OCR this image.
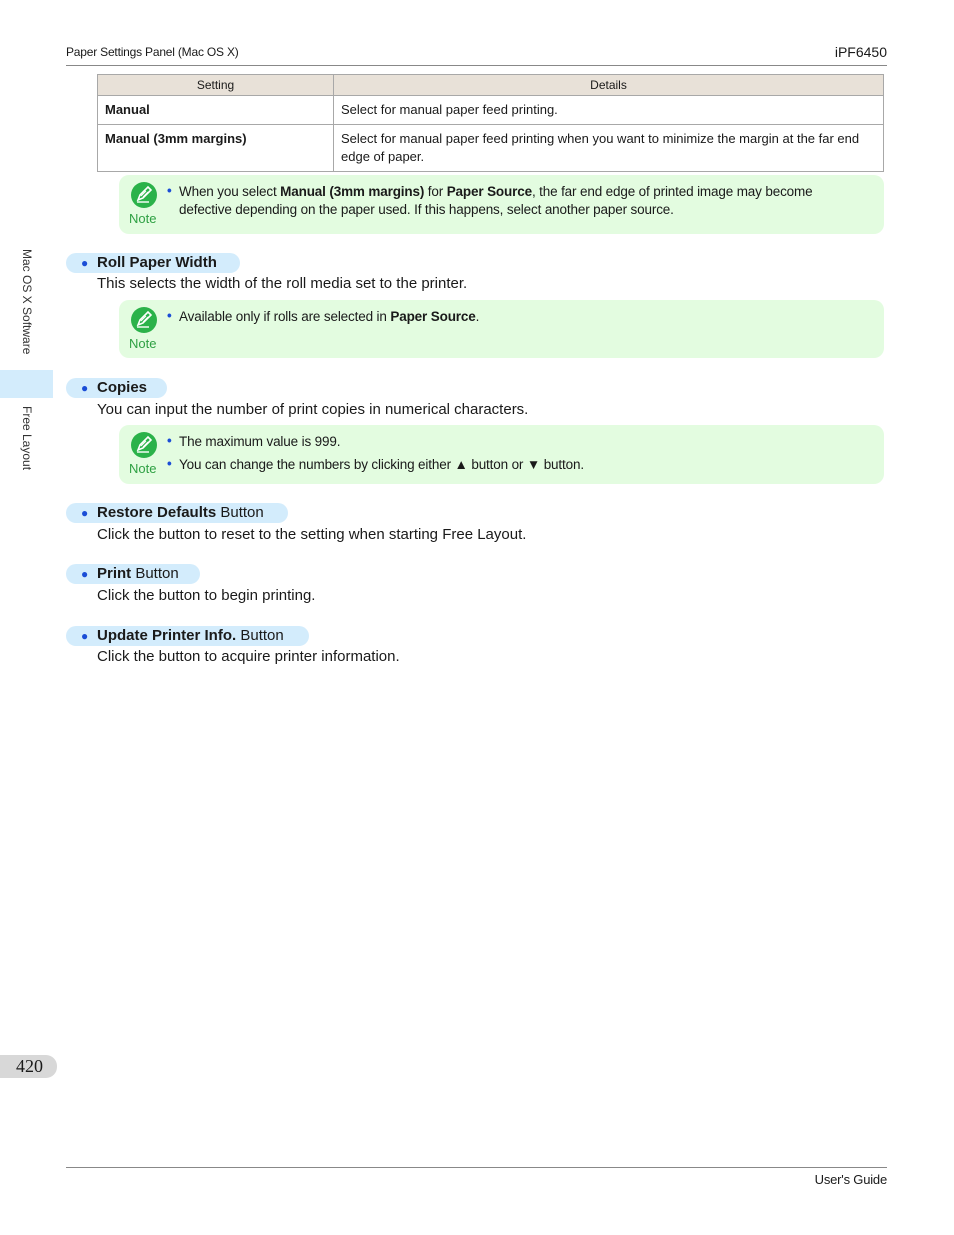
Paper Settings Panel (Mac OS X)	iPF6450
Setting	Details
Manual	Select for manual paper feed printing.
Manual (3mm margins)	Select for manual paper feed printing when you want to minimize the margin at the far end edge of paper.
Note
• When you select Manual (3mm margins) for Paper Source, the far end edge of printed image may become defective depending on the paper used. If this happens, select another paper source.
● Roll Paper Width
This selects the width of the roll media set to the printer.
Note
• Available only if rolls are selected in Paper Source.
● Copies
You can input the number of print copies in numerical characters.
Note
• The maximum value is 999.
• You can change the numbers by clicking either ▲ button or ▼ button.
● Restore Defaults Button
Click the button to reset to the setting when starting Free Layout.
● Print Button
Click the button to begin printing.
● Update Printer Info. Button
Click the button to acquire printer information.
Mac OS X Software
Free Layout
420
User's Guide
